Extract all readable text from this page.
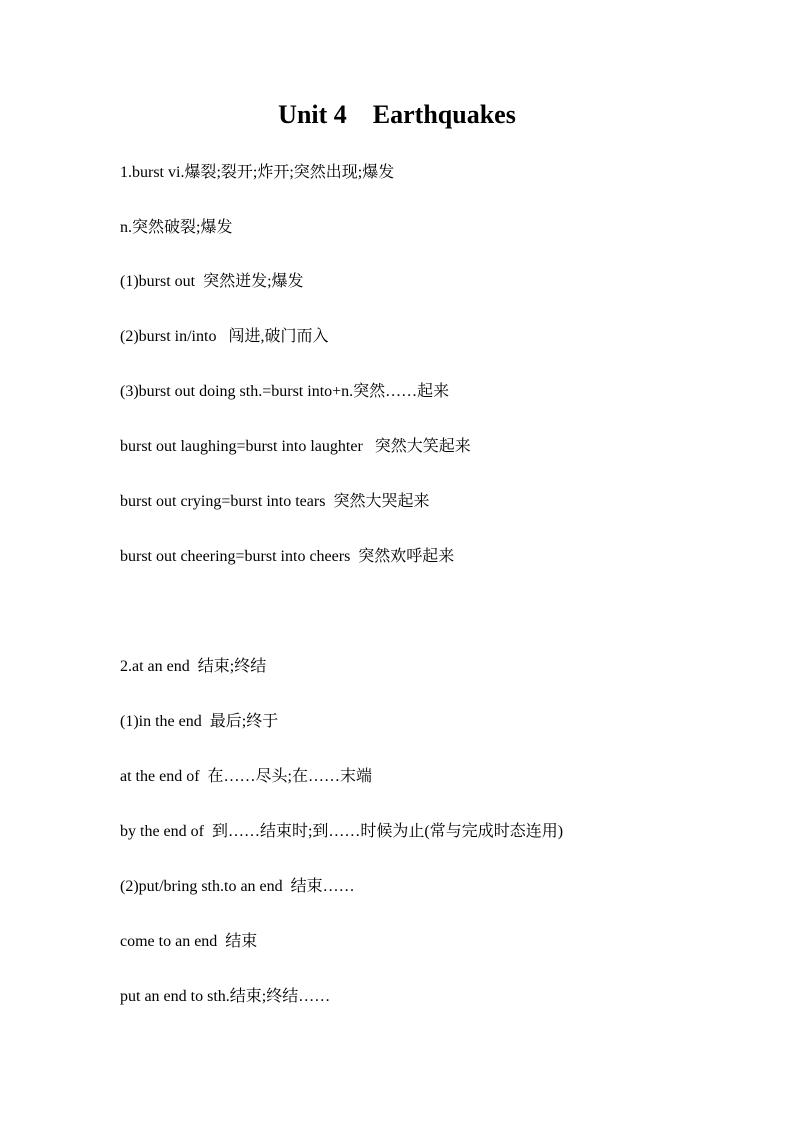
Unit 4    Earthquakes
1.burst vi.爆裂;裂开;炸开;突然出现;爆发
n.突然破裂;爆发
(1)burst out  突然迸发;爆发
(2)burst in/into   闯进,破门而入
(3)burst out doing sth.=burst into+n.突然……起来
burst out laughing=burst into laughter   突然大笑起来
burst out crying=burst into tears  突然大哭起来
burst out cheering=burst into cheers  突然欢呼起来
2.at an end  结束;终结
(1)in the end  最后;终于
at the end of  在……尽头;在……末端
by the end of  到……结束时;到……时候为止(常与完成时态连用)
(2)put/bring sth.to an end  结束……
come to an end  结束
put an end to sth.结束;终结……
